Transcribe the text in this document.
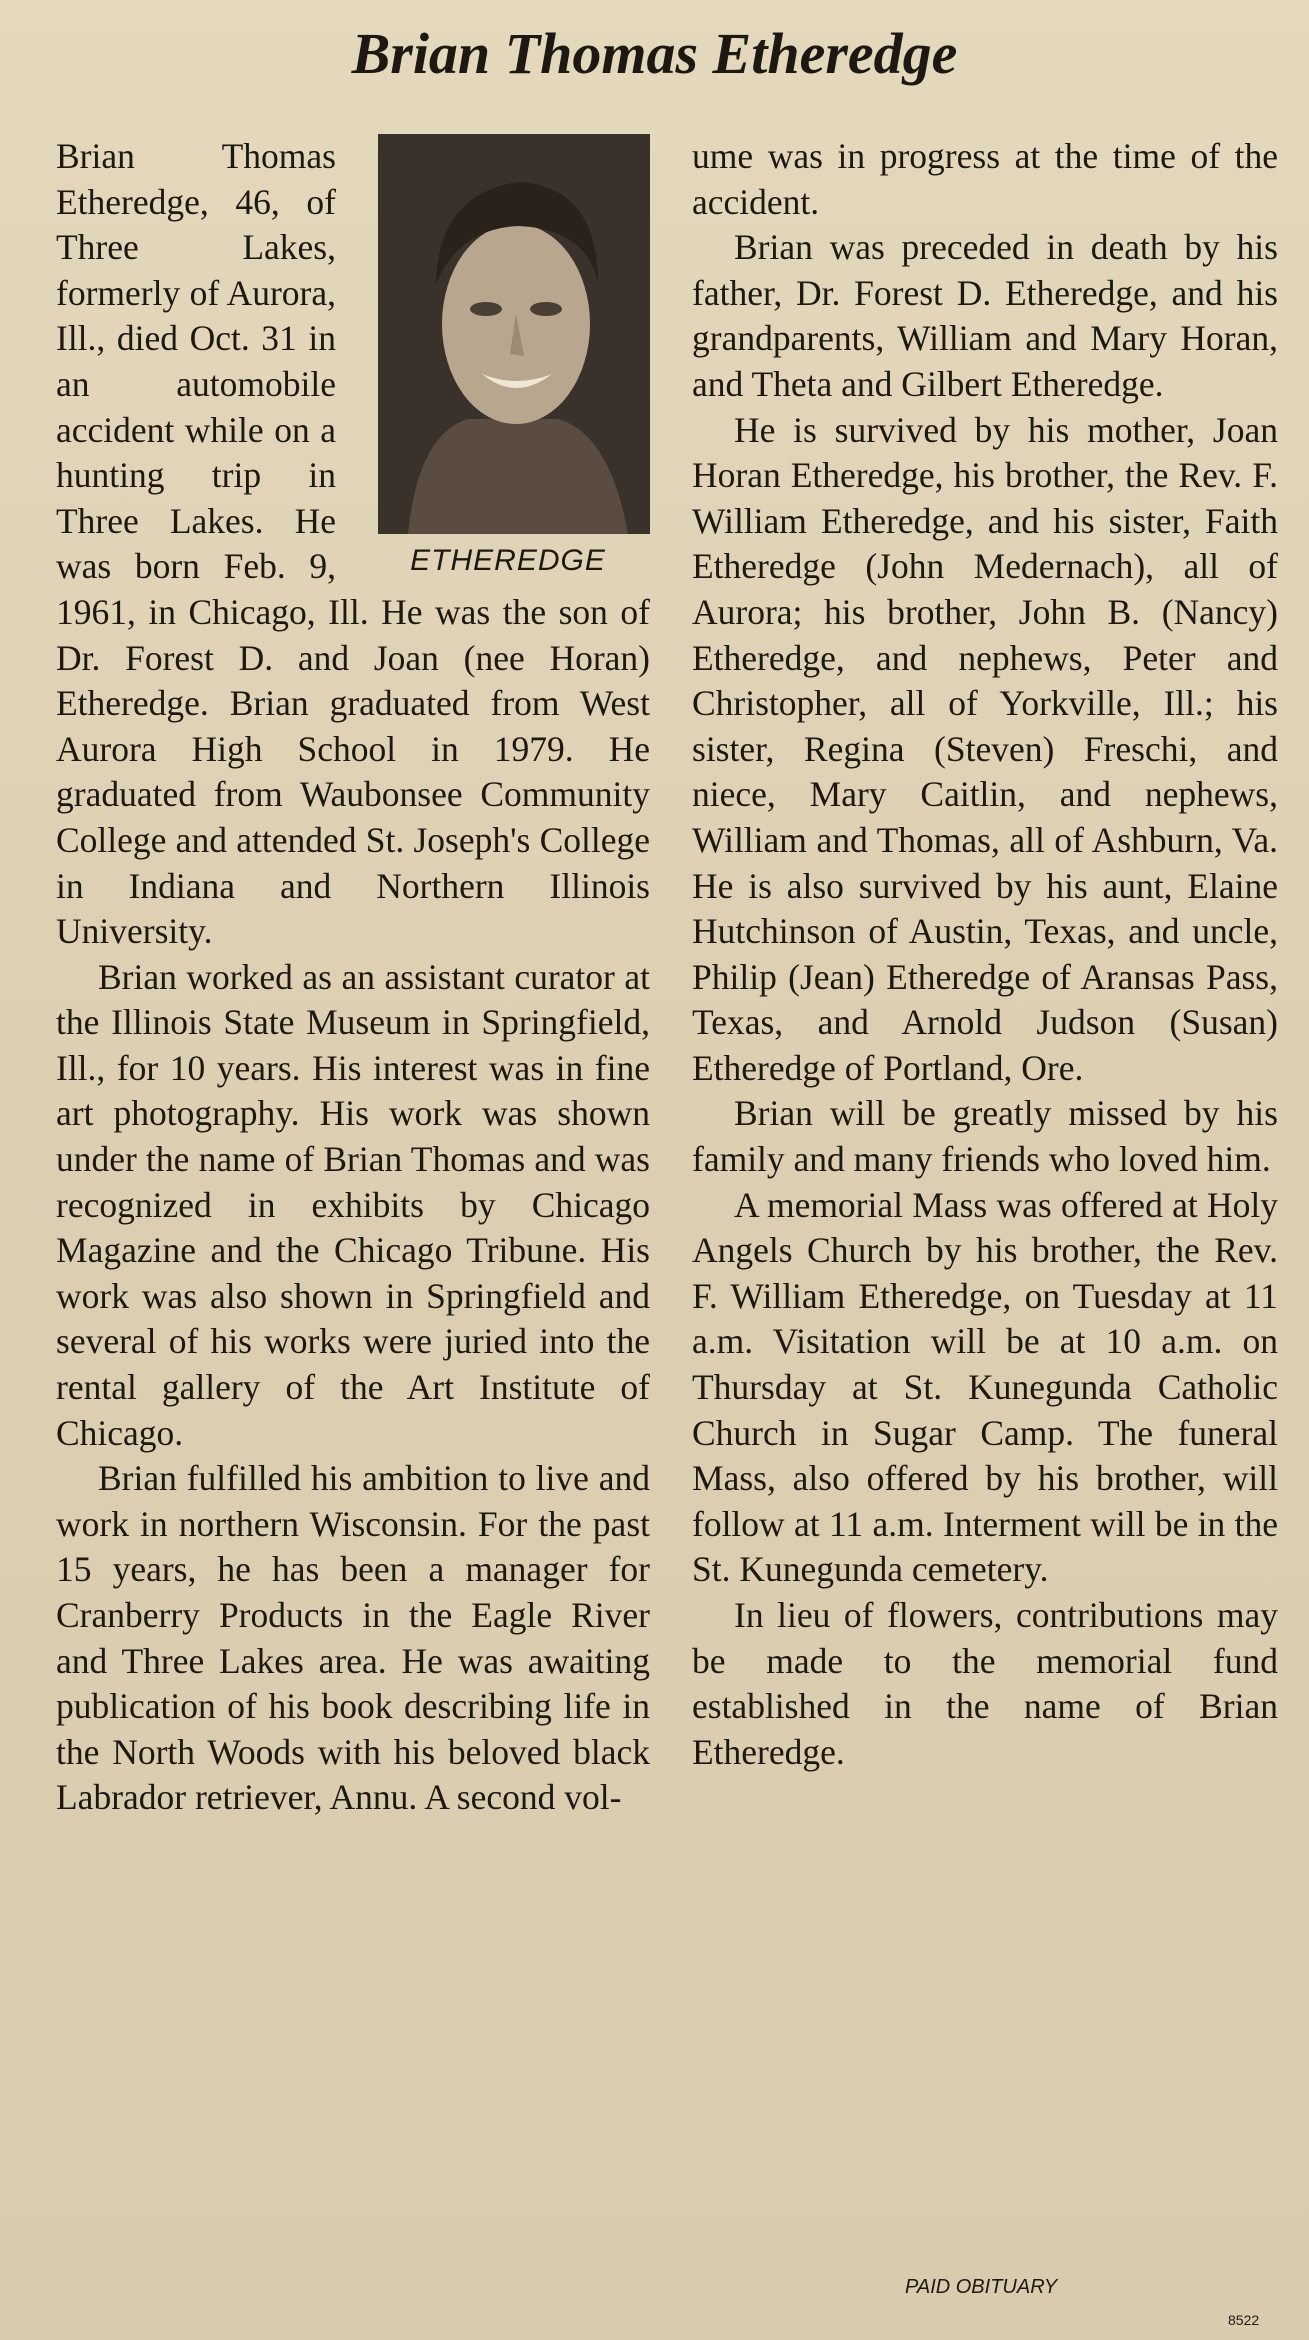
Brian Thomas Etheredge
ETHEREDGE

Brian Thomas Etheredge, 46, of Three Lakes, formerly of Aurora, Ill., died Oct. 31 in an automobile accident while on a hunting trip in Three Lakes. He was born Feb. 9, 1961, in Chicago, Ill. He was the son of Dr. Forest D. and Joan (nee Horan) Etheredge. Brian graduated from West Aurora High School in 1979. He graduated from Waubonsee Community College and attended St. Joseph's College in Indiana and Northern Illinois University.

Brian worked as an assistant curator at the Illinois State Museum in Springfield, Ill., for 10 years. His interest was in fine art photography. His work was shown under the name of Brian Thomas and was recognized in exhibits by Chicago Magazine and the Chicago Tribune. His work was also shown in Springfield and several of his works were juried into the rental gallery of the Art Institute of Chicago.

Brian fulfilled his ambition to live and work in northern Wisconsin. For the past 15 years, he has been a manager for Cranberry Products in the Eagle River and Three Lakes area. He was awaiting publication of his book describing life in the North Woods with his beloved black Labrador retriever, Annu. A second vol-

ume was in progress at the time of the accident.

Brian was preceded in death by his father, Dr. Forest D. Etheredge, and his grandparents, William and Mary Horan, and Theta and Gilbert Etheredge.

He is survived by his mother, Joan Horan Etheredge, his brother, the Rev. F. William Etheredge, and his sister, Faith Etheredge (John Medernach), all of Aurora; his brother, John B. (Nancy) Etheredge, and nephews, Peter and Christopher, all of Yorkville, Ill.; his sister, Regina (Steven) Freschi, and niece, Mary Caitlin, and nephews, William and Thomas, all of Ashburn, Va. He is also survived by his aunt, Elaine Hutchinson of Austin, Texas, and uncle, Philip (Jean) Etheredge of Aransas Pass, Texas, and Arnold Judson (Susan) Etheredge of Portland, Ore.

Brian will be greatly missed by his family and many friends who loved him.

A memorial Mass was offered at Holy Angels Church by his brother, the Rev. F. William Etheredge, on Tuesday at 11 a.m. Visitation will be at 10 a.m. on Thursday at St. Kunegunda Catholic Church in Sugar Camp. The funeral Mass, also offered by his brother, will follow at 11 a.m. Interment will be in the St. Kunegunda cemetery.

In lieu of flowers, contributions may be made to the memorial fund established in the name of Brian Etheredge.

PAID OBITUARY
8522
